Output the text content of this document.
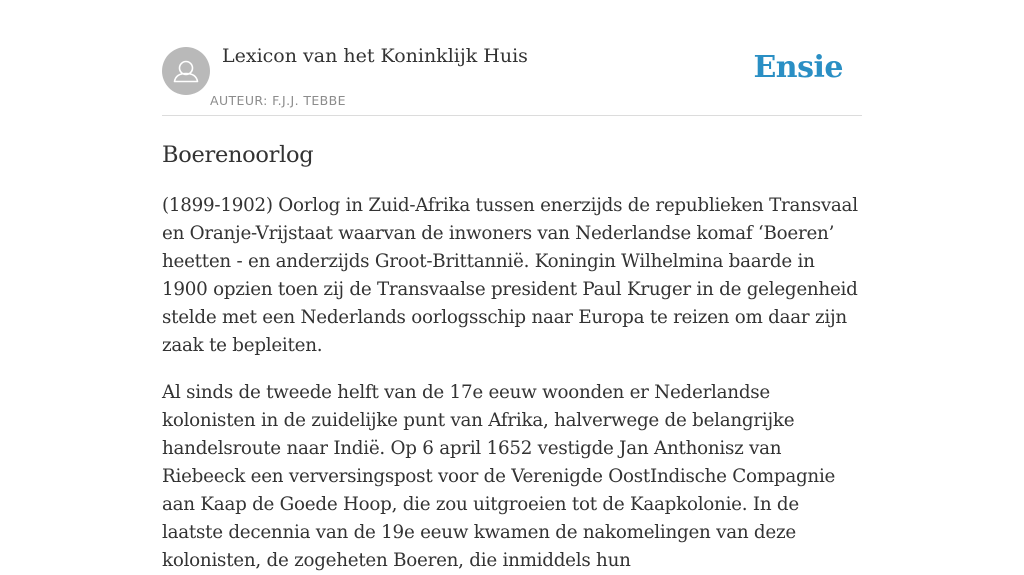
Lexicon van het Koninklijk Huis
AUTEUR: F.J.J. TEBBE
Ensie
Boerenoorlog

(1899-1902) Oorlog in Zuid-Afrika tussen enerzijds de republieken Transvaal en Oranje-Vrijstaat waarvan de inwoners van Nederlandse komaf ‘Boeren’ heetten - en anderzijds Groot-Brittannië. Koningin Wilhelmina baarde in 1900 opzien toen zij de Transvaalse president Paul Kruger in de gelegenheid stelde met een Nederlands oorlogsschip naar Europa te reizen om daar zijn zaak te bepleiten.

Al sinds de tweede helft van de 17e eeuw woonden er Nederlandse kolonisten in de zuidelijke punt van Afrika, halverwege de belangrijke handelsroute naar Indië. Op 6 april 1652 vestigde Jan Anthonisz van Riebeeck een verversingspost voor de Verenigde OostIndische Compagnie aan Kaap de Goede Hoop, die zou uitgroeien tot de Kaapkolonie. In de laatste decennia van de 19e eeuw kwamen de nakomelingen van deze kolonisten, de zogeheten Boeren, die inmiddels hun
